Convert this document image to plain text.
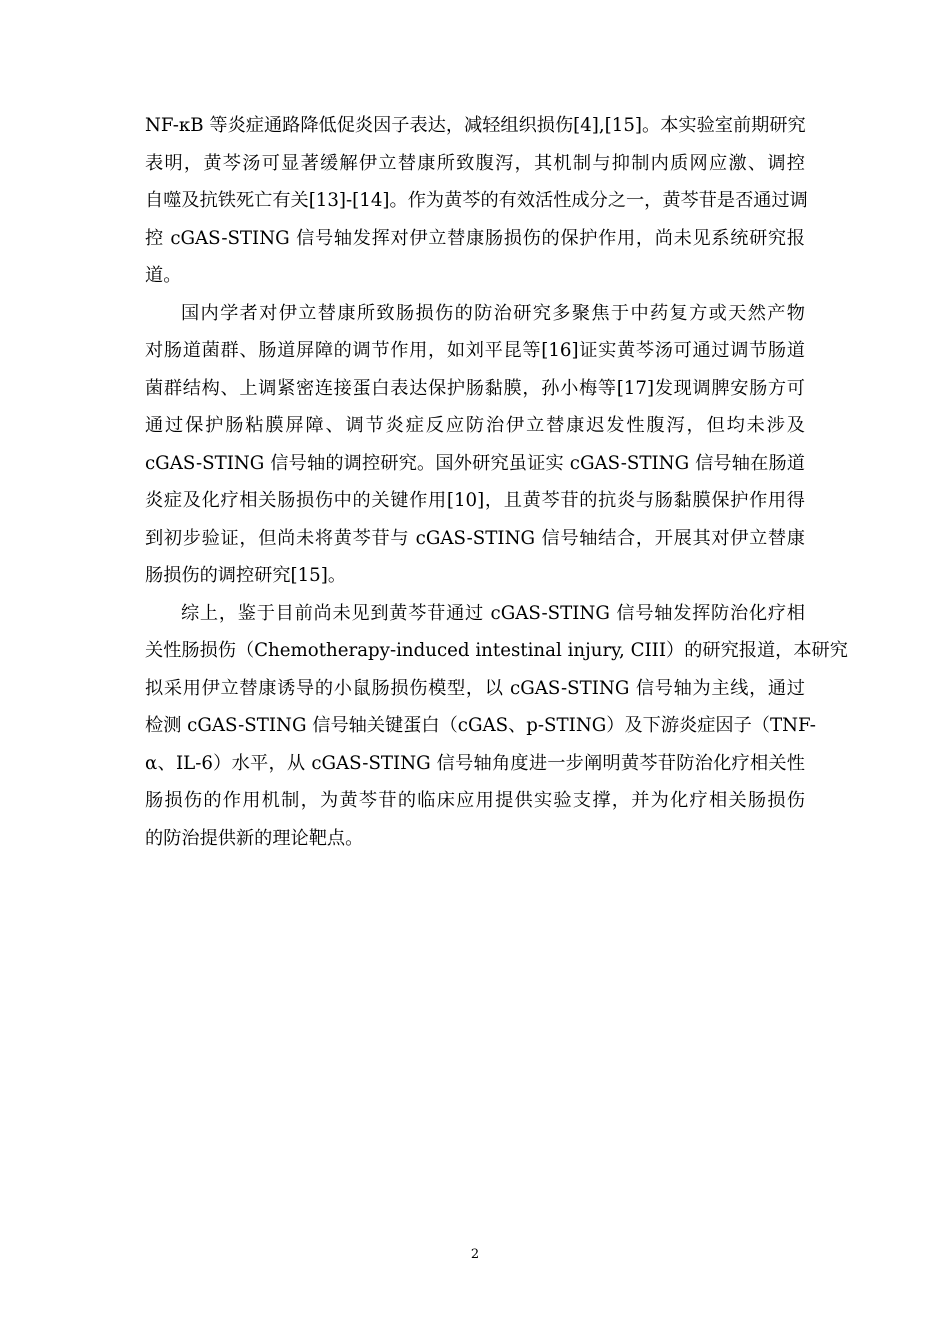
NF-κB 等炎症通路降低促炎因子表达，减轻组织损伤[4],[15]。本实验室前期研究
表明，黄芩汤可显著缓解伊立替康所致腹泻，其机制与抑制内质网应激、调控
自噬及抗铁死亡有关[13]-[14]。作为黄芩的有效活性成分之一，黄芩苷是否通过调
控 cGAS-STING 信号轴发挥对伊立替康肠损伤的保护作用，尚未见系统研究报
道。
国内学者对伊立替康所致肠损伤的防治研究多聚焦于中药复方或天然产物
对肠道菌群、肠道屏障的调节作用，如刘平昆等[16]证实黄芩汤可通过调节肠道
菌群结构、上调紧密连接蛋白表达保护肠黏膜，孙小梅等[17]发现调脾安肠方可
通过保护肠粘膜屏障、调节炎症反应防治伊立替康迟发性腹泻，但均未涉及
cGAS-STING 信号轴的调控研究。国外研究虽证实 cGAS-STING 信号轴在肠道
炎症及化疗相关肠损伤中的关键作用[10]，且黄芩苷的抗炎与肠黏膜保护作用得
到初步验证，但尚未将黄芩苷与 cGAS-STING 信号轴结合，开展其对伊立替康
肠损伤的调控研究[15]。
综上，鉴于目前尚未见到黄芩苷通过 cGAS-STING 信号轴发挥防治化疗相
关性肠损伤（Chemotherapy-induced intestinal injury, CIII）的研究报道，本研究
拟采用伊立替康诱导的小鼠肠损伤模型，以 cGAS-STING 信号轴为主线，通过
检测 cGAS-STING 信号轴关键蛋白（cGAS、p-STING）及下游炎症因子（TNF-
α、IL-6）水平，从 cGAS-STING 信号轴角度进一步阐明黄芩苷防治化疗相关性
肠损伤的作用机制，为黄芩苷的临床应用提供实验支撑，并为化疗相关肠损伤
的防治提供新的理论靶点。
2
